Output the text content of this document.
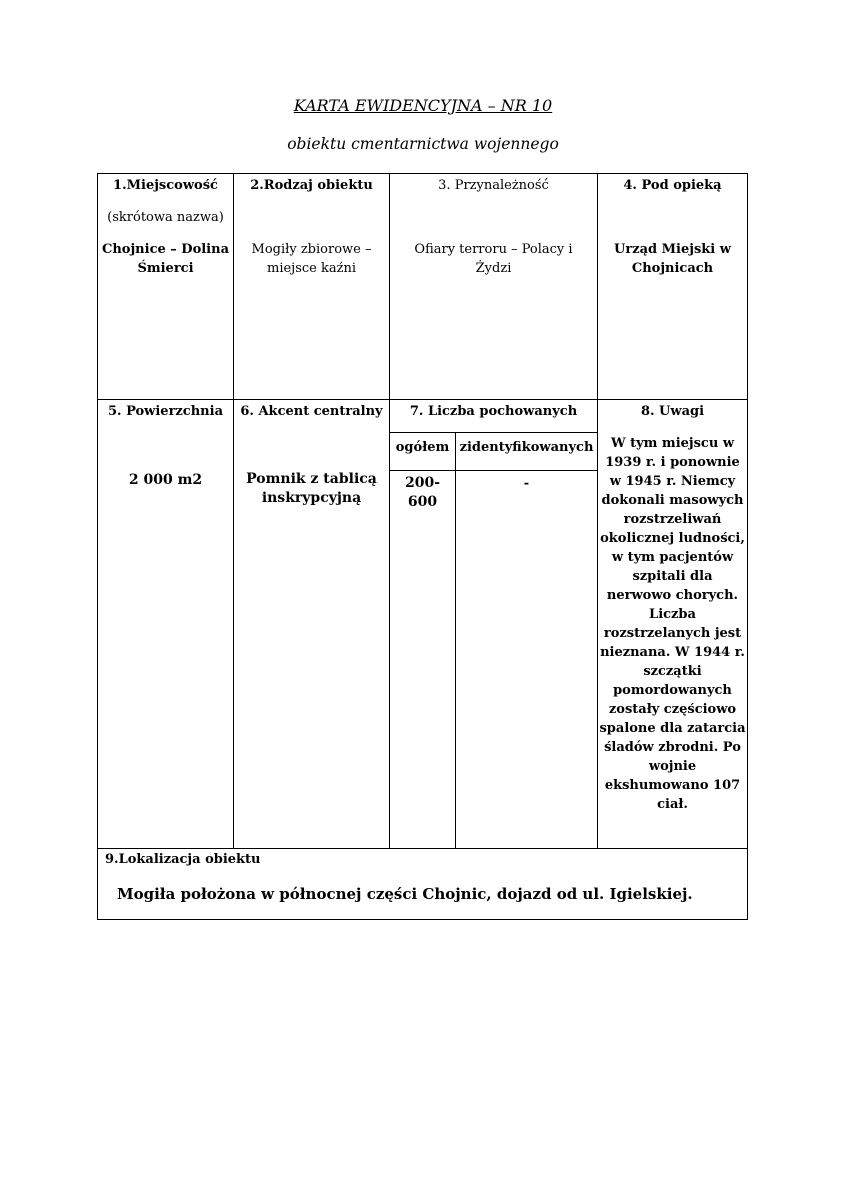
KARTA EWIDENCYJNA – NR 10
obiektu cmentarnictwa wojennego
1.Miejscowość
(skrótowa nazwa)
Chojnice – Dolina
Śmierci
2.Rodzaj obiektu
Mogiły zbiorowe –
miejsce kaźni
3. Przynależność
Ofiary terroru – Polacy i
Żydzi
4. Pod opieką
Urząd Miejski w
Chojnicach
5. Powierzchnia
2 000 m2
6. Akcent centralny
Pomnik z tablicą
inskrypcyjną
7. Liczba pochowanych
ogółem zidentyfikowanych
200-
600
-
8. Uwagi
W tym miejscu w
1939 r. i ponownie
w 1945 r. Niemcy
dokonali masowych
rozstrzeliwań
okolicznej ludności,
w tym pacjentów
szpitali dla
nerwowo chorych.
Liczba
rozstrzelanych jest
nieznana. W 1944 r.
szczątki
pomordowanych
zostały częściowo
spalone dla zatarcia
śladów zbrodni. Po
wojnie
ekshumowano 107
ciał.
9.Lokalizacja obiektu
Mogiła położona w północnej części Chojnic, dojazd od ul. Igielskiej.
